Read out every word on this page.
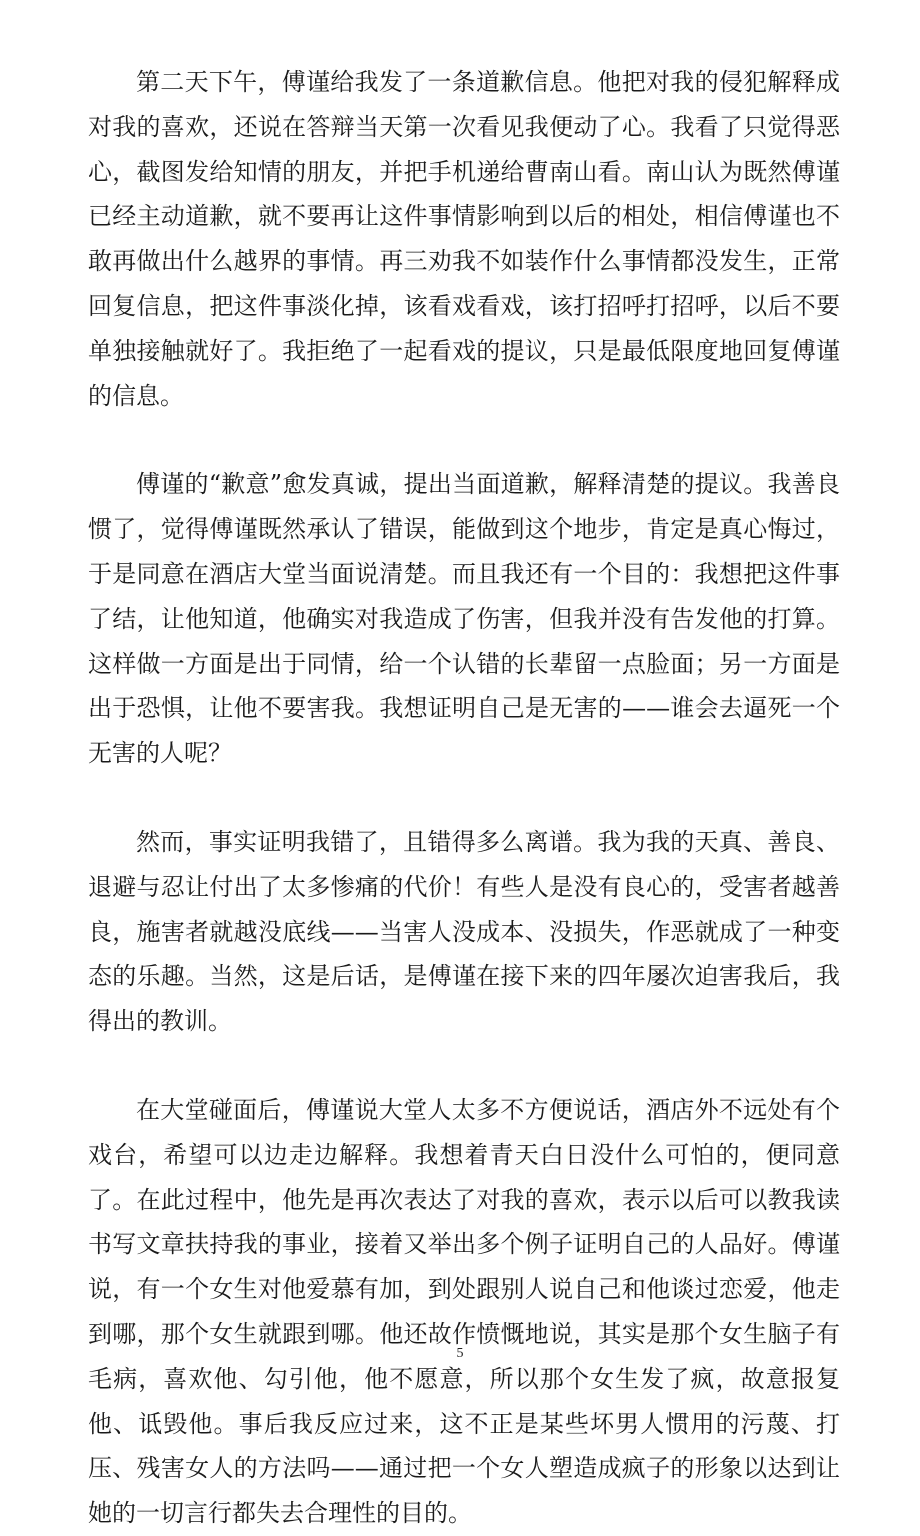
第二天下午，傅谨给我发了一条道歉信息。他把对我的侵犯解释成对我的喜欢，还说在答辩当天第一次看见我便动了心。我看了只觉得恶心，截图发给知情的朋友，并把手机递给曹南山看。南山认为既然傅谨已经主动道歉，就不要再让这件事情影响到以后的相处，相信傅谨也不敢再做出什么越界的事情。再三劝我不如装作什么事情都没发生，正常回复信息，把这件事淡化掉，该看戏看戏，该打招呼打招呼，以后不要单独接触就好了。我拒绝了一起看戏的提议，只是最低限度地回复傅谨的信息。

傅谨的“歉意”愈发真诚，提出当面道歉，解释清楚的提议。我善良惯了，觉得傅谨既然承认了错误，能做到这个地步，肯定是真心悔过，于是同意在酒店大堂当面说清楚。而且我还有一个目的：我想把这件事了结，让他知道，他确实对我造成了伤害，但我并没有告发他的打算。这样做一方面是出于同情，给一个认错的长辈留一点脸面；另一方面是出于恐惧，让他不要害我。我想证明自己是无害的——谁会去逼死一个无害的人呢？

然而，事实证明我错了，且错得多么离谱。我为我的天真、善良、退避与忍让付出了太多惨痛的代价！有些人是没有良心的，受害者越善良，施害者就越没底线——当害人没成本、没损失，作恶就成了一种变态的乐趣。当然，这是后话，是傅谨在接下来的四年屡次迫害我后，我得出的教训。

在大堂碰面后，傅谨说大堂人太多不方便说话，酒店外不远处有个戏台，希望可以边走边解释。我想着青天白日没什么可怕的，便同意了。在此过程中，他先是再次表达了对我的喜欢，表示以后可以教我读书写文章扶持我的事业，接着又举出多个例子证明自己的人品好。傅谨说，有一个女生对他爱慕有加，到处跟别人说自己和他谈过恋爱，他走到哪，那个女生就跟到哪。他还故作愤慨地说，其实是那个女生脑子有毛病，喜欢他、勾引他，他不愿意，所以那个女生发了疯，故意报复他、诋毁他。事后我反应过来，这不正是某些坏男人惯用的污蔑、打压、残害女人的方法吗——通过把一个女人塑造成疯子的形象以达到让她的一切言行都失去合理性的目的。

5
